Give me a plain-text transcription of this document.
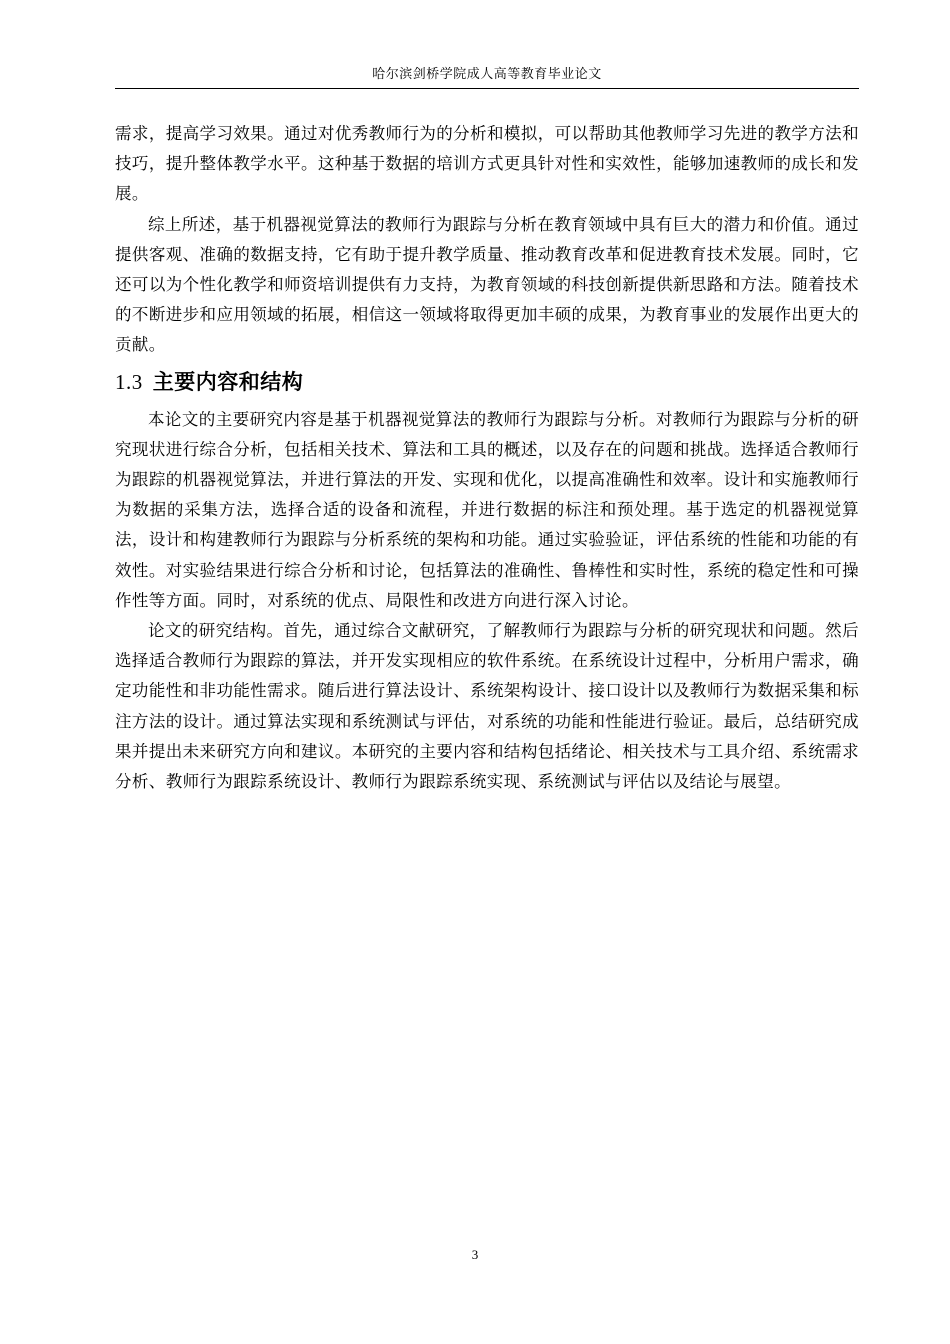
哈尔滨剑桥学院成人高等教育毕业论文

需求，提高学习效果。通过对优秀教师行为的分析和模拟，可以帮助其他教师学习先进的教学方法和技巧，提升整体教学水平。这种基于数据的培训方式更具针对性和实效性，能够加速教师的成长和发展。

综上所述，基于机器视觉算法的教师行为跟踪与分析在教育领域中具有巨大的潜力和价值。通过提供客观、准确的数据支持，它有助于提升教学质量、推动教育改革和促进教育技术发展。同时，它还可以为个性化教学和师资培训提供有力支持，为教育领域的科技创新提供新思路和方法。随着技术的不断进步和应用领域的拓展，相信这一领域将取得更加丰硕的成果，为教育事业的发展作出更大的贡献。

1.3 主要内容和结构

本论文的主要研究内容是基于机器视觉算法的教师行为跟踪与分析。对教师行为跟踪与分析的研究现状进行综合分析，包括相关技术、算法和工具的概述，以及存在的问题和挑战。选择适合教师行为跟踪的机器视觉算法，并进行算法的开发、实现和优化，以提高准确性和效率。设计和实施教师行为数据的采集方法，选择合适的设备和流程，并进行数据的标注和预处理。基于选定的机器视觉算法，设计和构建教师行为跟踪与分析系统的架构和功能。通过实验验证，评估系统的性能和功能的有效性。对实验结果进行综合分析和讨论，包括算法的准确性、鲁棒性和实时性，系统的稳定性和可操作性等方面。同时，对系统的优点、局限性和改进方向进行深入讨论。

论文的研究结构。首先，通过综合文献研究，了解教师行为跟踪与分析的研究现状和问题。然后选择适合教师行为跟踪的算法，并开发实现相应的软件系统。在系统设计过程中，分析用户需求，确定功能性和非功能性需求。随后进行算法设计、系统架构设计、接口设计以及教师行为数据采集和标注方法的设计。通过算法实现和系统测试与评估，对系统的功能和性能进行验证。最后，总结研究成果并提出未来研究方向和建议。本研究的主要内容和结构包括绪论、相关技术与工具介绍、系统需求分析、教师行为跟踪系统设计、教师行为跟踪系统实现、系统测试与评估以及结论与展望。

3
